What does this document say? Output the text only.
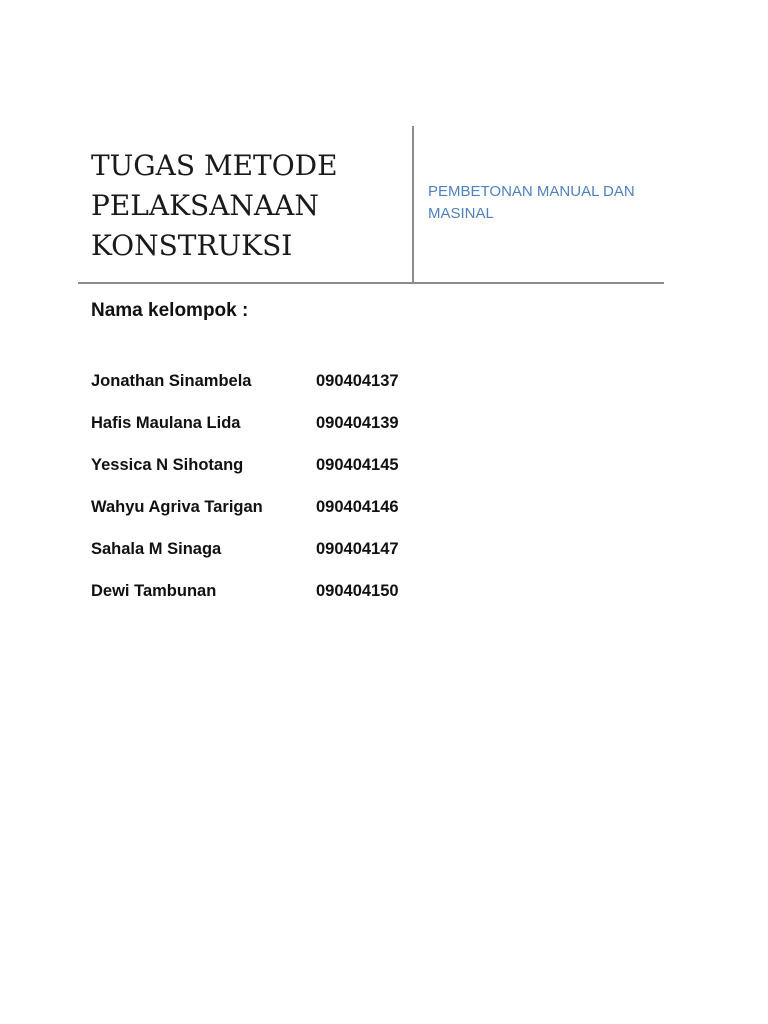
TUGAS METODE
PELAKSANAAN
KONSTRUKSI
PEMBETONAN MANUAL DAN
MASINAL
Nama kelompok :
Jonathan Sinambela	090404137
Hafis Maulana Lida	090404139
Yessica N Sihotang	090404145
Wahyu Agriva Tarigan	090404146
Sahala M Sinaga	090404147
Dewi Tambunan	090404150
